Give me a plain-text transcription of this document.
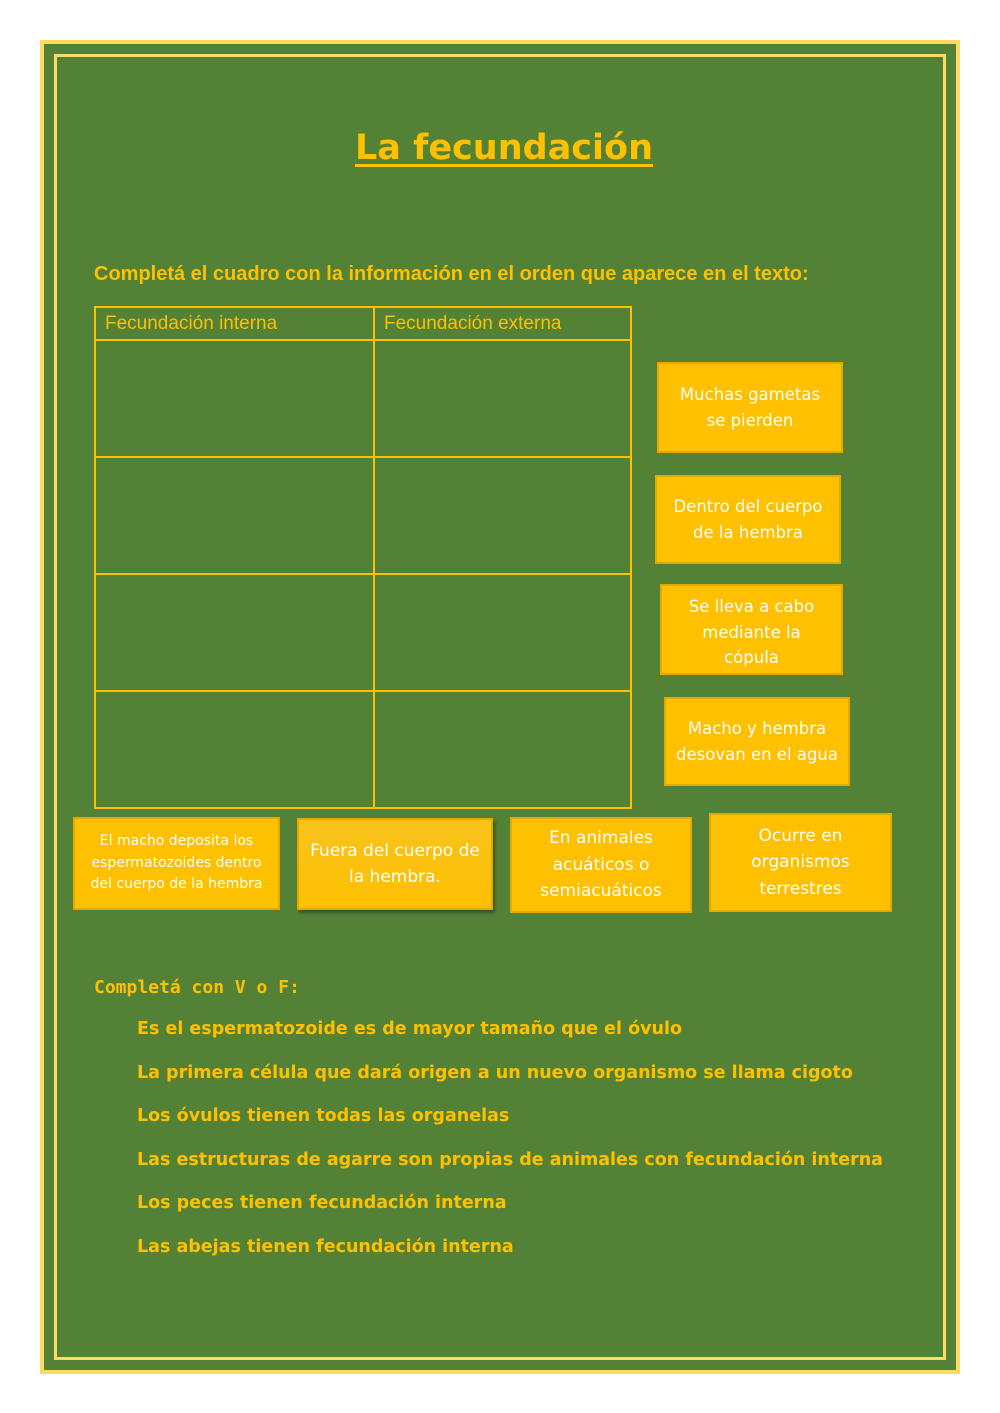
La fecundación
Completá el cuadro con la información en el orden que aparece en el texto:
Fecundación interna	Fecundación externa

Muchas gametas
se pierden
Dentro del cuerpo
de la hembra
Se lleva a cabo
mediante la
cópula
Macho y hembra
desovan en el agua
El macho deposita los
espermatozoides dentro
del cuerpo de la hembra
Fuera del cuerpo de
la hembra.
En animales
acuáticos o
semiacuáticos
Ocurre en
organismos
terrestres
Completá con V o F:
Es el espermatozoide es de mayor tamaño que el óvulo
La primera célula que dará origen a un nuevo organismo se llama cigoto
Los óvulos tienen todas las organelas
Las estructuras de agarre son propias de animales con fecundación interna
Los peces tienen fecundación interna
Las abejas tienen fecundación interna
